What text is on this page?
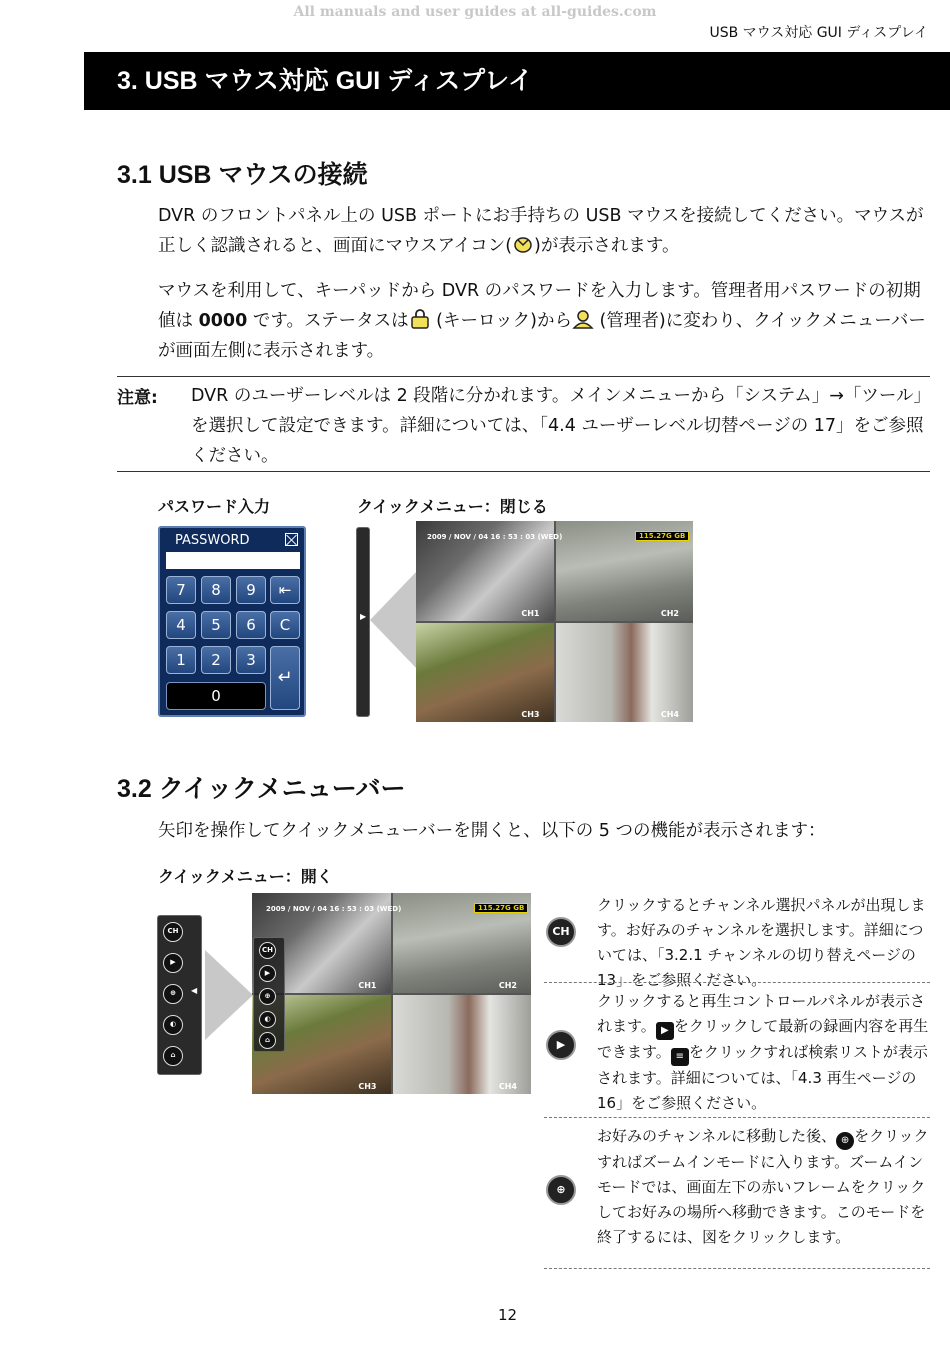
All manuals and user guides at all-guides.com
USB マウス対応 GUI ディスプレイ
3. USB マウス対応 GUI ディスプレイ
3.1 USB マウスの接続
DVR のフロントパネル上の USB ポートにお手持ちの USB マウスを接続してください。マウスが正しく認識されると、画面にマウスアイコン( )が表示されます。
マウスを利用して、キーパッドから DVR のパスワードを入力します。管理者用パスワードの初期値は 0000 です。ステータスは (キーロック)から (管理者)に変わり、クイックメニューバーが画面左側に表示されます。
注意: DVR のユーザーレベルは 2 段階に分かれます。メインメニューから「システム」→「ツール」を選択して設定できます。詳細については、「4.4 ユーザーレベル切替ページの 17」をご参照ください。
パスワード入力	クイックメニュー：閉じる
PASSWORD
7	8	9	⇤
4	5	6	C
1	2	3
0
↵
▶	CH1	CH2
CH3	CH4
2009 / NOV / 04 16 : 53 : 03 (WED)	115.27G GB
3.2 クイックメニューバー
矢印を操作してクイックメニューバーを開くと、以下の 5 つの機能が表示されます：
クイックメニュー：開く
CH
▶
⊕
◐
⌂
◀
CH1	CH2
CH3	CH4
CH
▶
⊕
◐
⌂
2009 / NOV / 04 16 : 53 : 03 (WED)	115.27G GB
CH
クリックするとチャンネル選択パネルが出現します。お好みのチャンネルを選択します。詳細については、「3.2.1 チャンネルの切り替えページの 13」をご参照ください。
▶
クリックすると再生コントロールパネルが表示されます。 ▶ をクリックして最新の録画内容を再生できます。 ≡ をクリックすれば検索リストが表示されます。詳細については、「4.3 再生ページの 16」をご参照ください。
⊕
お好みのチャンネルに移動した後、 ⊕ をクリックすればズームインモードに入ります。ズームインモードでは、画面左下の赤いフレームをクリックしてお好みの場所へ移動できます。このモードを終了するには、図をクリックします。
12
